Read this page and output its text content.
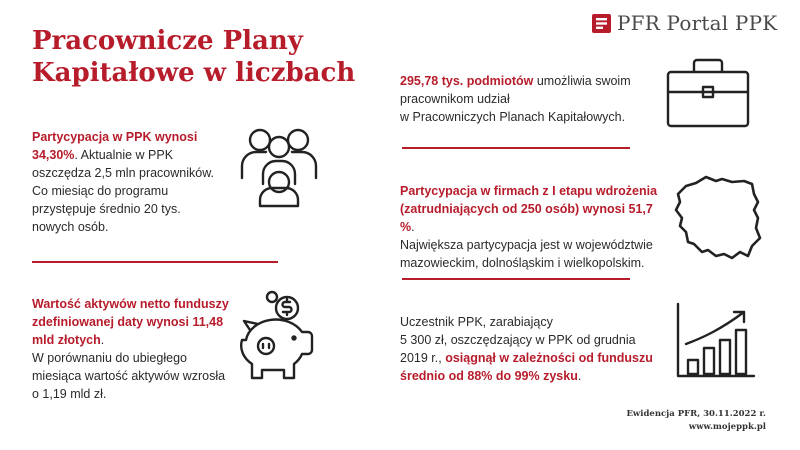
PFR Portal PPK
Pracownicze Plany
Kapitałowe w liczbach
Partycypacja w PPK wynosi
34,30%. Aktualnie w PPK
oszczędza 2,5 mln pracowników.
Co miesiąc do programu
przystępuje średnio 20 tys.
nowych osób.
Wartość aktywów netto funduszy
zdefiniowanej daty wynosi 11,48
mld złotych.
W porównaniu do ubiegłego
miesiąca wartość aktywów wzrosła
o 1,19 mld zł.
295,78 tys. podmiotów umożliwia swoim
pracownikom udział
w Pracowniczych Planach Kapitałowych.
Partycypacja w firmach z I etapu wdrożenia
(zatrudniających od 250 osób) wynosi 51,7 %.
Największa partycypacja jest w województwie
mazowieckim, dolnośląskim i wielkopolskim.
Uczestnik PPK, zarabiający
5 300 zł, oszczędzający w PPK od grudnia
2019 r., osiągnął w zależności od funduszu
średnio od 88% do 99% zysku.
Ewidencja PFR, 30.11.2022 r.
www.mojeppk.pl
